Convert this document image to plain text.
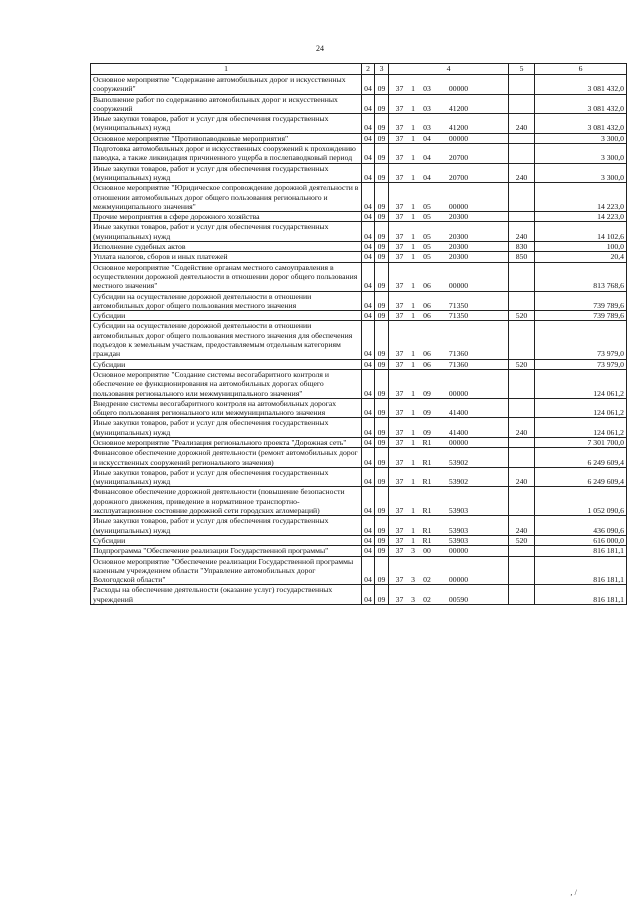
24
1	2	3	4	5	6
Основное мероприятие "Содержание автомобильных дорог и искусственных сооружений"	04	09	37 1 03 00000		3 081 432,0
Выполнение работ по содержанию автомобильных дорог и искусственных сооружений	04	09	37 1 03 41200		3 081 432,0
Иные закупки товаров, работ и услуг для обеспечения государственных (муниципальных) нужд	04	09	37 1 03 41200	240	3 081 432,0
Основное мероприятие "Противопаводковые мероприятия"	04	09	37 1 04 00000		3 300,0
Подготовка автомобильных дорог и искусственных сооружений к прохождению паводка, а также ликвидация причиненного ущерба в послепаводковый период	04	09	37 1 04 20700		3 300,0
Иные закупки товаров, работ и услуг для обеспечения государственных (муниципальных) нужд	04	09	37 1 04 20700	240	3 300,0
Основное мероприятие "Юридическое сопровождение дорожной деятельности в отношении автомобильных дорог общего пользования регионального и межмуниципального значения"	04	09	37 1 05 00000		14 223,0
Прочие мероприятия в сфере дорожного хозяйства	04	09	37 1 05 20300		14 223,0
Иные закупки товаров, работ и услуг для обеспечения государственных (муниципальных) нужд	04	09	37 1 05 20300	240	14 102,6
Исполнение судебных актов	04	09	37 1 05 20300	830	100,0
Уплата налогов, сборов и иных платежей	04	09	37 1 05 20300	850	20,4
Основное мероприятие "Содействие органам местного самоуправления в осуществлении дорожной деятельности в отношении дорог общего пользования местного значения"	04	09	37 1 06 00000		813 768,6
Субсидии на осуществление дорожной деятельности в отношении автомобильных дорог общего пользования местного значения	04	09	37 1 06 71350		739 789,6
Субсидии	04	09	37 1 06 71350	520	739 789,6
Субсидии на осуществление дорожной деятельности в отношении автомобильных дорог общего пользования местного значения для обеспечения подъездов к земельным участкам, предоставляемым отдельным категориям граждан	04	09	37 1 06 71360		73 979,0
Субсидии	04	09	37 1 06 71360	520	73 979,0
Основное мероприятие "Создание системы весогабаритного контроля и обеспечение ее функционирования на автомобильных дорогах общего пользования регионального или межмуниципального значения"	04	09	37 1 09 00000		124 061,2
Внедрение системы весогабаритного контроля на автомобильных дорогах общего пользования регионального или межмуниципального значения	04	09	37 1 09 41400		124 061,2
Иные закупки товаров, работ и услуг для обеспечения государственных (муниципальных) нужд	04	09	37 1 09 41400	240	124 061,2
Основное мероприятие "Реализация регионального проекта "Дорожная сеть"	04	09	37 1 R1 00000		7 301 700,0
Финансовое обеспечение дорожной деятельности (ремонт автомобильных дорог и искусственных сооружений регионального значения)	04	09	37 1 R1 53902		6 249 609,4
Иные закупки товаров, работ и услуг для обеспечения государственных (муниципальных) нужд	04	09	37 1 R1 53902	240	6 249 609,4
Финансовое обеспечение дорожной деятельности (повышение безопасности дорожного движения, приведение в нормативное транспортно-эксплуатационное состояние дорожной сети городских агломераций)	04	09	37 1 R1 53903		1 052 090,6
Иные закупки товаров, работ и услуг для обеспечения государственных (муниципальных) нужд	04	09	37 1 R1 53903	240	436 090,6
Субсидии	04	09	37 1 R1 53903	520	616 000,0
Подпрограмма "Обеспечение реализации Государственной программы"	04	09	37 3 00 00000		816 181,1
Основное мероприятие "Обеспечение реализации Государственной программы казенным учреждением области "Управление автомобильных дорог Вологодской области"	04	09	37 3 02 00000		816 181,1
Расходы на обеспечение деятельности (оказание услуг) государственных учреждений	04	09	37 3 02 00590		816 181,1
‚ /
